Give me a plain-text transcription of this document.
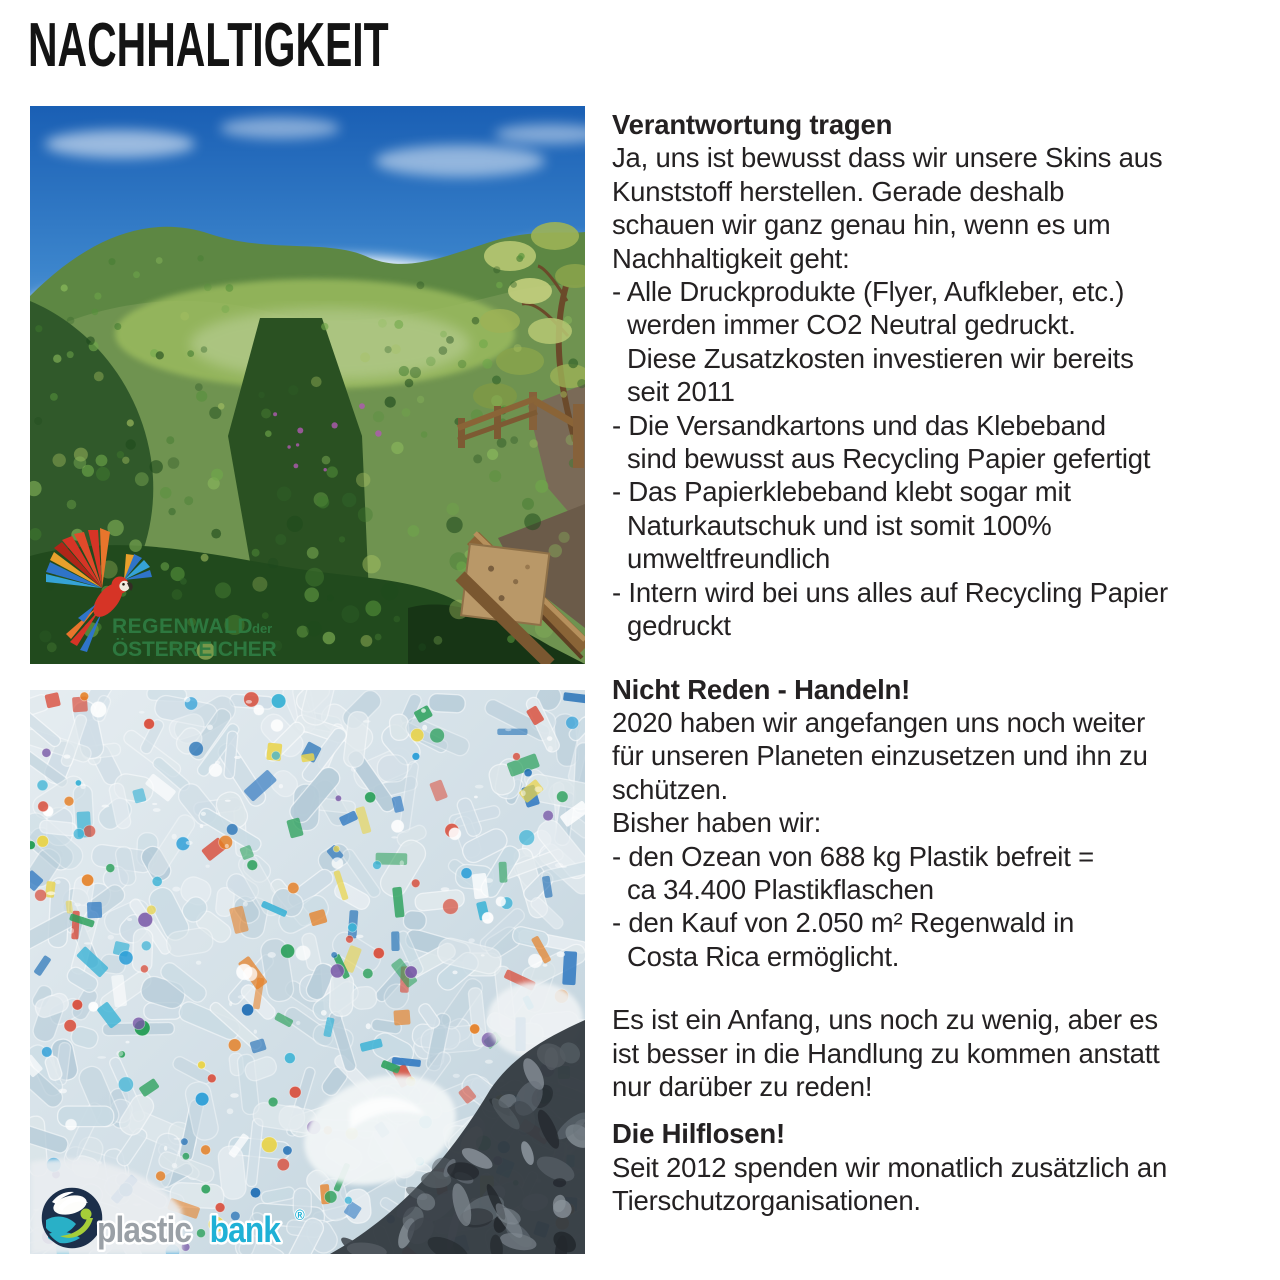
NACHHALTIGKEIT
REGENWALD der
ÖSTERREICHER
plastic bank ®
Verantwortung tragen
Ja, uns ist bewusst dass wir unsere Skins aus
Kunststoff herstellen. Gerade deshalb
schauen wir ganz genau hin, wenn es um
Nachhaltigkeit geht:
- Alle Druckprodukte (Flyer, Aufkleber, etc.)
werden immer CO2 Neutral gedruckt.
Diese Zusatzkosten investieren wir bereits
seit 2011
- Die Versandkartons und das Klebeband
sind bewusst aus Recycling Papier gefertigt
- Das Papierklebeband klebt sogar mit
Naturkautschuk und ist somit 100%
umweltfreundlich
- Intern wird bei uns alles auf Recycling Papier
gedruckt
Nicht Reden - Handeln!
2020 haben wir angefangen uns noch weiter
für unseren Planeten einzusetzen und ihn zu
schützen.
Bisher haben wir:
- den Ozean von 688 kg Plastik befreit =
ca 34.400 Plastikflaschen
- den Kauf von 2.050 m² Regenwald in
Costa Rica ermöglicht.
Es ist ein Anfang, uns noch zu wenig, aber es
ist besser in die Handlung zu kommen anstatt
nur darüber zu reden!
Die Hilflosen!
Seit 2012 spenden wir monatlich zusätzlich an
Tierschutzorganisationen.
